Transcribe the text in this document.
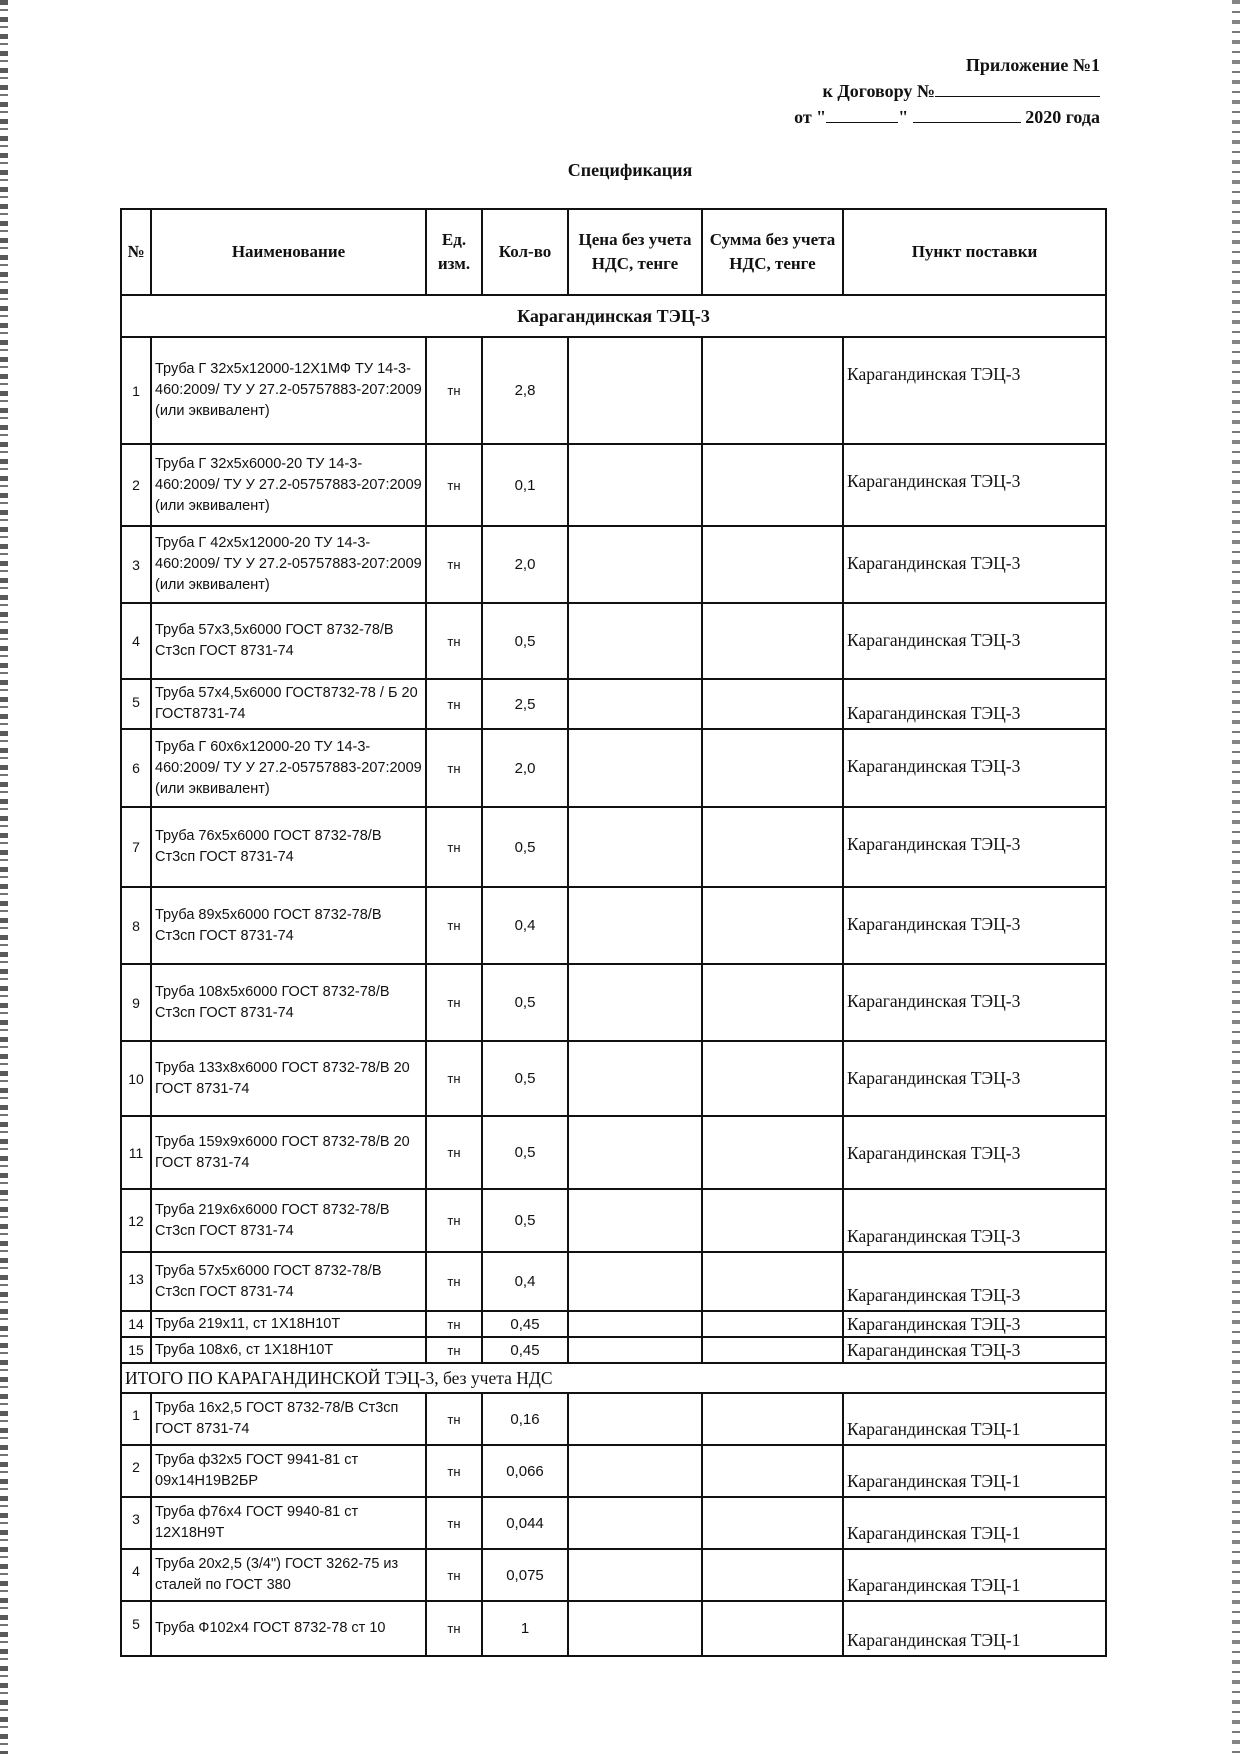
Приложение №1
к Договору №
от "	"	2020 года
Спецификация
№	Наименование	Ед. изм.	Кол-во	Цена без учета НДС, тенге	Сумма без учета НДС, тенге	Пункт поставки
Карагандинская ТЭЦ-3						
1	Труба Г 32х5х12000-12Х1МФ ТУ 14-3-460:2009/ ТУ У 27.2-05757883-207:2009 (или эквивалент)	тн	2,8			Карагандинская ТЭЦ-3
2	Труба Г 32х5х6000-20 ТУ 14-3-460:2009/ ТУ У 27.2-05757883-207:2009 (или эквивалент)	тн	0,1			Карагандинская ТЭЦ-3
3	Труба Г 42х5х12000-20 ТУ 14-3-460:2009/ ТУ У 27.2-05757883-207:2009 (или эквивалент)	тн	2,0			Карагандинская ТЭЦ-3
4	Труба 57х3,5х6000 ГОСТ 8732-78/В Ст3сп ГОСТ 8731-74	тн	0,5			Карагандинская ТЭЦ-3
5	Труба 57х4,5х6000 ГОСТ8732-78 / Б 20 ГОСТ8731-74	тн	2,5			Карагандинская ТЭЦ-3
6	Труба Г 60х6х12000-20 ТУ 14-3-460:2009/ ТУ У 27.2-05757883-207:2009 (или эквивалент)	тн	2,0			Карагандинская ТЭЦ-3
7	Труба 76х5х6000 ГОСТ 8732-78/В Ст3сп ГОСТ 8731-74	тн	0,5			Карагандинская ТЭЦ-3
8	Труба 89х5х6000 ГОСТ 8732-78/В Ст3сп ГОСТ 8731-74	тн	0,4			Карагандинская ТЭЦ-3
9	Труба 108х5х6000 ГОСТ 8732-78/В Ст3сп ГОСТ 8731-74	тн	0,5			Карагандинская ТЭЦ-3
10	Труба 133х8х6000 ГОСТ 8732-78/В 20 ГОСТ 8731-74	тн	0,5			Карагандинская ТЭЦ-3
11	Труба 159х9х6000 ГОСТ 8732-78/В 20 ГОСТ 8731-74	тн	0,5			Карагандинская ТЭЦ-3
12	Труба 219х6х6000 ГОСТ 8732-78/В Ст3сп ГОСТ 8731-74	тн	0,5			Карагандинская ТЭЦ-3
13	Труба 57х5х6000 ГОСТ 8732-78/В Ст3сп ГОСТ 8731-74	тн	0,4			Карагандинская ТЭЦ-3
14	Труба 219х11, ст 1Х18Н10Т	тн	0,45			Карагандинская ТЭЦ-3
15	Труба 108х6, ст 1Х18Н10Т	тн	0,45			Карагандинская ТЭЦ-3
ИТОГО ПО КАРАГАНДИНСКОЙ ТЭЦ-3, без учета НДС						
1	Труба 16х2,5 ГОСТ 8732-78/В Ст3сп ГОСТ 8731-74	тн	0,16			Карагандинская ТЭЦ-1
2	Труба ф32х5 ГОСТ 9941-81 ст 09х14Н19В2БР	тн	0,066			Карагандинская ТЭЦ-1
3	Труба ф76х4 ГОСТ 9940-81 ст 12Х18Н9Т	тн	0,044			Карагандинская ТЭЦ-1
4	Труба 20х2,5 (3/4") ГОСТ 3262-75 из сталей по ГОСТ 380	тн	0,075			Карагандинская ТЭЦ-1
5	Труба Ф102х4 ГОСТ 8732-78 ст 10	тн	1			Карагандинская ТЭЦ-1
